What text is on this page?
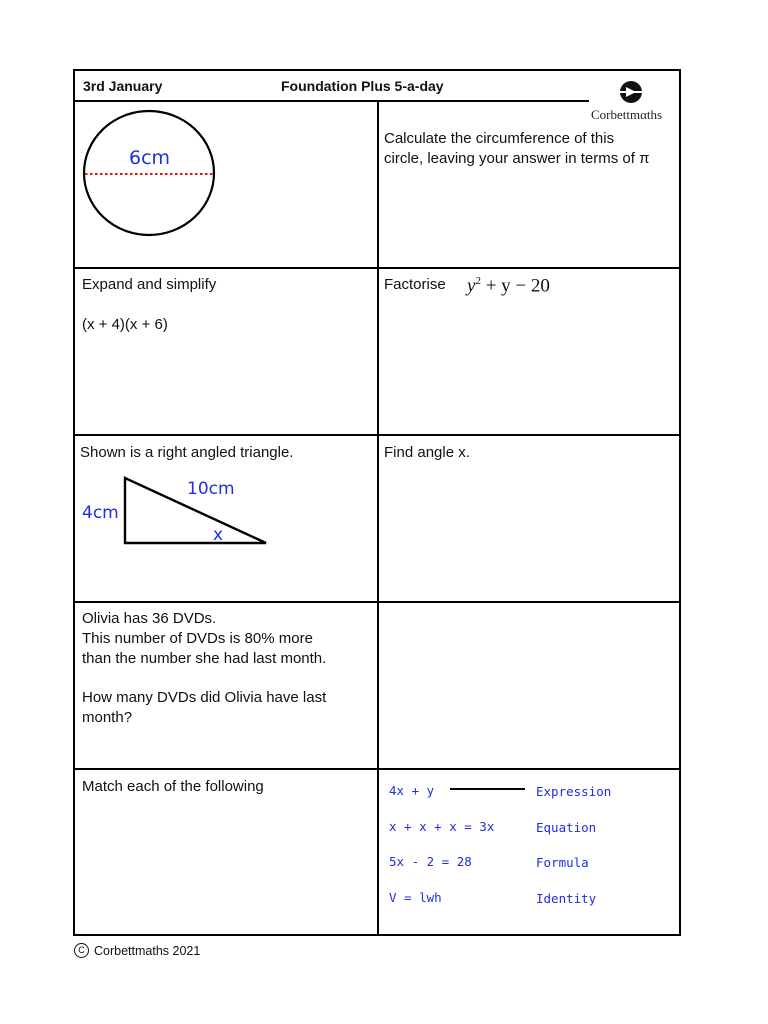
3rd January	Foundation Plus 5-a-day
Corbettmαths
6cm
Calculate the circumference of this
circle, leaving your answer in terms of π
Expand and simplify
(x + 4)(x + 6)
Factorise $y^2 + y - 20$
Shown is a right angled triangle.
4cm
10cm
x
Find angle x.
Olivia has 36 DVDs.
This number of DVDs is 80% more
than the number she had last month.
How many DVDs did Olivia have last
month?
Match each of the following	4x + y
x + x + x = 3x
5x - 2 = 28
V = lwh
Expression
Equation
Formula
Identity
C Corbettmaths 2021
